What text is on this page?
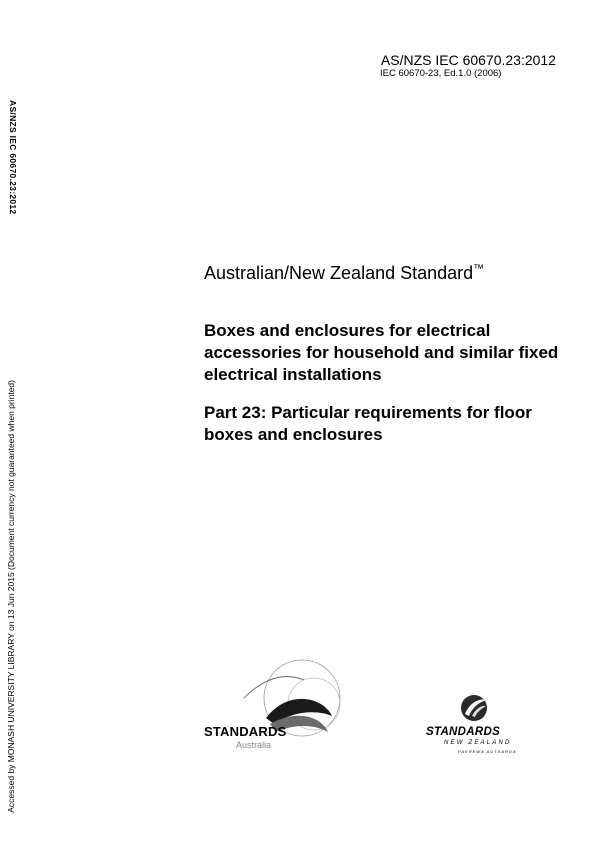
AS/NZS IEC 60670.23:2012
IEC 60670-23, Ed.1.0 (2006)
AS/NZS IEC 60670.23:2012
Accessed by MONASH UNIVERSITY LIBRARY on 13 Jun 2015 (Document currency not guaranteed when printed)
Australian/New Zealand Standard™
Boxes and enclosures for electrical accessories for household and similar fixed electrical installations
Part 23: Particular requirements for floor boxes and enclosures
STANDARDS
Australia
STANDARDS
NEW ZEALAND
PAEREWA AOTEAROA
